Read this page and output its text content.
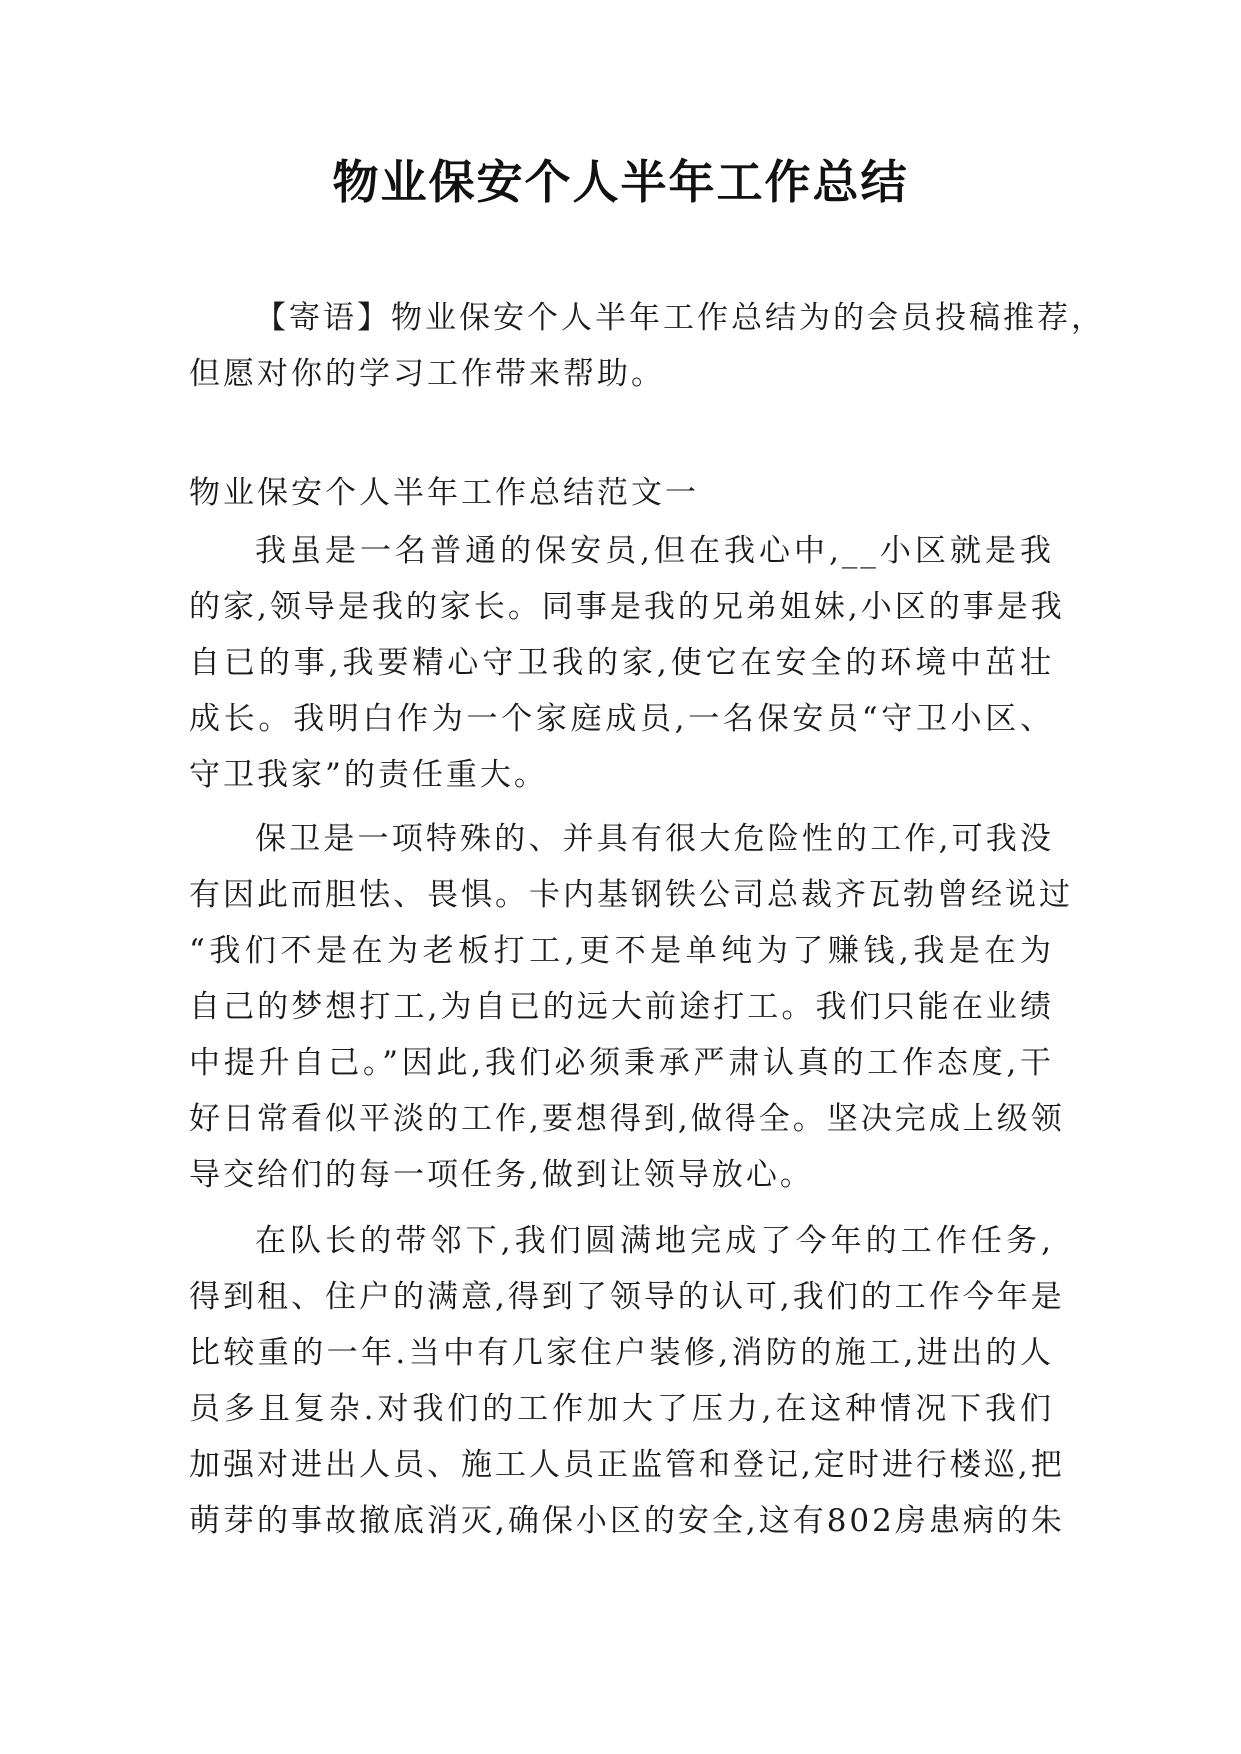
物业保安个人半年工作总结
【寄语】物业保安个人半年工作总结为的会员投稿推荐，
但愿对你的学习工作带来帮助。
物业保安个人半年工作总结范文一
我虽是一名普通的保安员,但在我心中,__小区就是我
的家,领导是我的家长。同事是我的兄弟姐妹,小区的事是我
自已的事,我要精心守卫我的家,使它在安全的环境中茁壮
成长。我明白作为一个家庭成员,一名保安员“守卫小区、
守卫我家”的责任重大。
保卫是一项特殊的、并具有很大危险性的工作,可我没
有因此而胆怯、畏惧。卡内基钢铁公司总裁齐瓦勃曾经说过
“我们不是在为老板打工,更不是单纯为了赚钱,我是在为
自己的梦想打工,为自已的远大前途打工。我们只能在业绩
中提升自己。”因此,我们必须秉承严肃认真的工作态度,干
好日常看似平淡的工作,要想得到,做得全。坚决完成上级领
导交给们的每一项任务,做到让领导放心。
在队长的带邻下,我们圆满地完成了今年的工作任务,
得到租、住户的满意,得到了领导的认可,我们的工作今年是
比较重的一年.当中有几家住户装修,消防的施工,进出的人
员多且复杂.对我们的工作加大了压力,在这种情况下我们
加强对进出人员、施工人员正监管和登记,定时进行楼巡,把
萌芽的事故撤底消灭,确保小区的安全,这有802房患病的朱
